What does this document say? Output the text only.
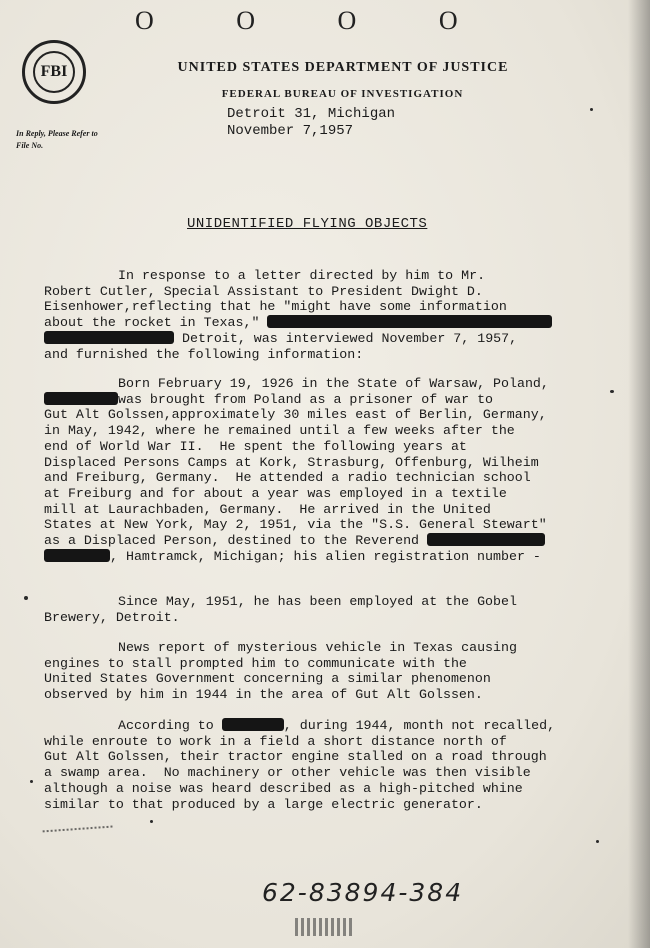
O O O O
FBI	UNITED STATES DEPARTMENT OF JUSTICE
FEDERAL BUREAU OF INVESTIGATION
Detroit 31, Michigan
November 7,1957
In Reply, Please Refer to
File No.
UNIDENTIFIED FLYING OBJECTS
In response to a letter directed by him to Mr.
Robert Cutler, Special Assistant to President Dwight D.
Eisenhower,reflecting that he "might have some information
about the rocket in Texas,"
Detroit, was interviewed November 7, 1957,
and furnished the following information:
Born February 19, 1926 in the State of Warsaw, Poland,
was brought from Poland as a prisoner of war to
Gut Alt Golssen,approximately 30 miles east of Berlin, Germany,
in May, 1942, where he remained until a few weeks after the
end of World War II.  He spent the following years at
Displaced Persons Camps at Kork, Strasburg, Offenburg, Wilheim
and Freiburg, Germany.  He attended a radio technician school
at Freiburg and for about a year was employed in a textile
mill at Laurachbaden, Germany.  He arrived in the United
States at New York, May 2, 1951, via the "S.S. General Stewart"
as a Displaced Person, destined to the Reverend
, Hamtramck, Michigan; his alien registration number -
Since May, 1951, he has been employed at the Gobel
Brewery, Detroit.
News report of mysterious vehicle in Texas causing
engines to stall prompted him to communicate with the
United States Government concerning a similar phenomenon
observed by him in 1944 in the area of Gut Alt Golssen.
According to	, during 1944, month not recalled,
while enroute to work in a field a short distance north of
Gut Alt Golssen, their tractor engine stalled on a road through
a swamp area.  No machinery or other vehicle was then visible
although a noise was heard described as a high-pitched whine
similar to that produced by a large electric generator.
62-83894-384
